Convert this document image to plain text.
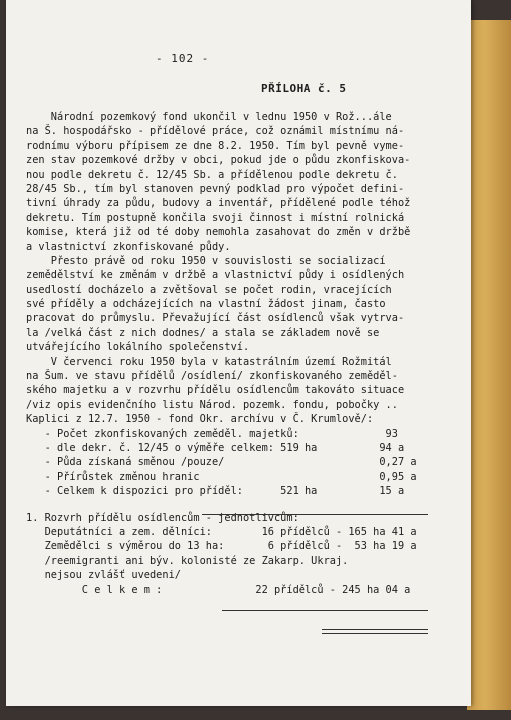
- 102 -
PŘÍLOHA č. 5
Národní pozemkový fond ukončil v lednu 1950 v Rož...ále
na Š. hospodářsko - přídělové práce, což oznámil místnímu ná-
rodnímu výboru přípisem ze dne 8.2. 1950. Tím byl pevně vyme-
zen stav pozemkové držby v obci, pokud jde o půdu zkonfiskova-
nou podle dekretu č. 12/45 Sb. a přídělenou podle dekretu č.
28/45 Sb., tím byl stanoven pevný podklad pro výpočet defini-
tivní úhrady za půdu, budovy a inventář, přídělené podle téhož
dekretu. Tím postupně končila svoji činnost i místní rolnická
komise, která již od té doby nemohla zasahovat do změn v držbě
a vlastnictví zkonfiskované půdy.
Přesto právě od roku 1950 v souvislosti se socializací
zemědělství ke změnám v držbě a vlastnictví půdy i osídlených
usedlostí docházelo a zvětšoval se počet rodin, vracejících
své příděly a odcházejících na vlastní žádost jinam, často
pracovat do průmyslu. Převažující část osídlenců však vytrva-
la /velká část z nich dodnes/ a stala se základem nově se
utvářejícího lokálního společenství.
V červenci roku 1950 byla v katastrálním území Rožmitál
na Šum. ve stavu přídělů /osídlení/ zkonfiskovaného zeměděl-
ského majetku a v rozvrhu přídělu osídlencům takováto situace
/viz opis evidenčního listu Národ. pozemk. fondu, pobočky ..
Kaplici z 12.7. 1950 - fond Okr. archívu v Č. Krumlově/:
- Počet zkonfiskovaných zeměděl. majetků:              93
- dle dekr. č. 12/45 o výměře celkem: 519 ha          94 a
- Půda získaná směnou /pouze/                         0,27 a
- Přírůstek změnou hranic                             0,95 a
- Celkem k dispozici pro příděl:      521 ha          15 a
1. Rozvrh přídělu osídlencům - jednotlivcům:
Deputátníci a zem. dělníci:        16 přídělců - 165 ha 41 a
Zemědělci s výměrou do 13 ha:       6 přídělců -  53 ha 19 a
/reemigranti ani býv. kolonisté ze Zakarp. Ukraj.
nejsou zvlášť uvedeni/
C e l k e m :               22 přídělců - 245 ha 04 a
